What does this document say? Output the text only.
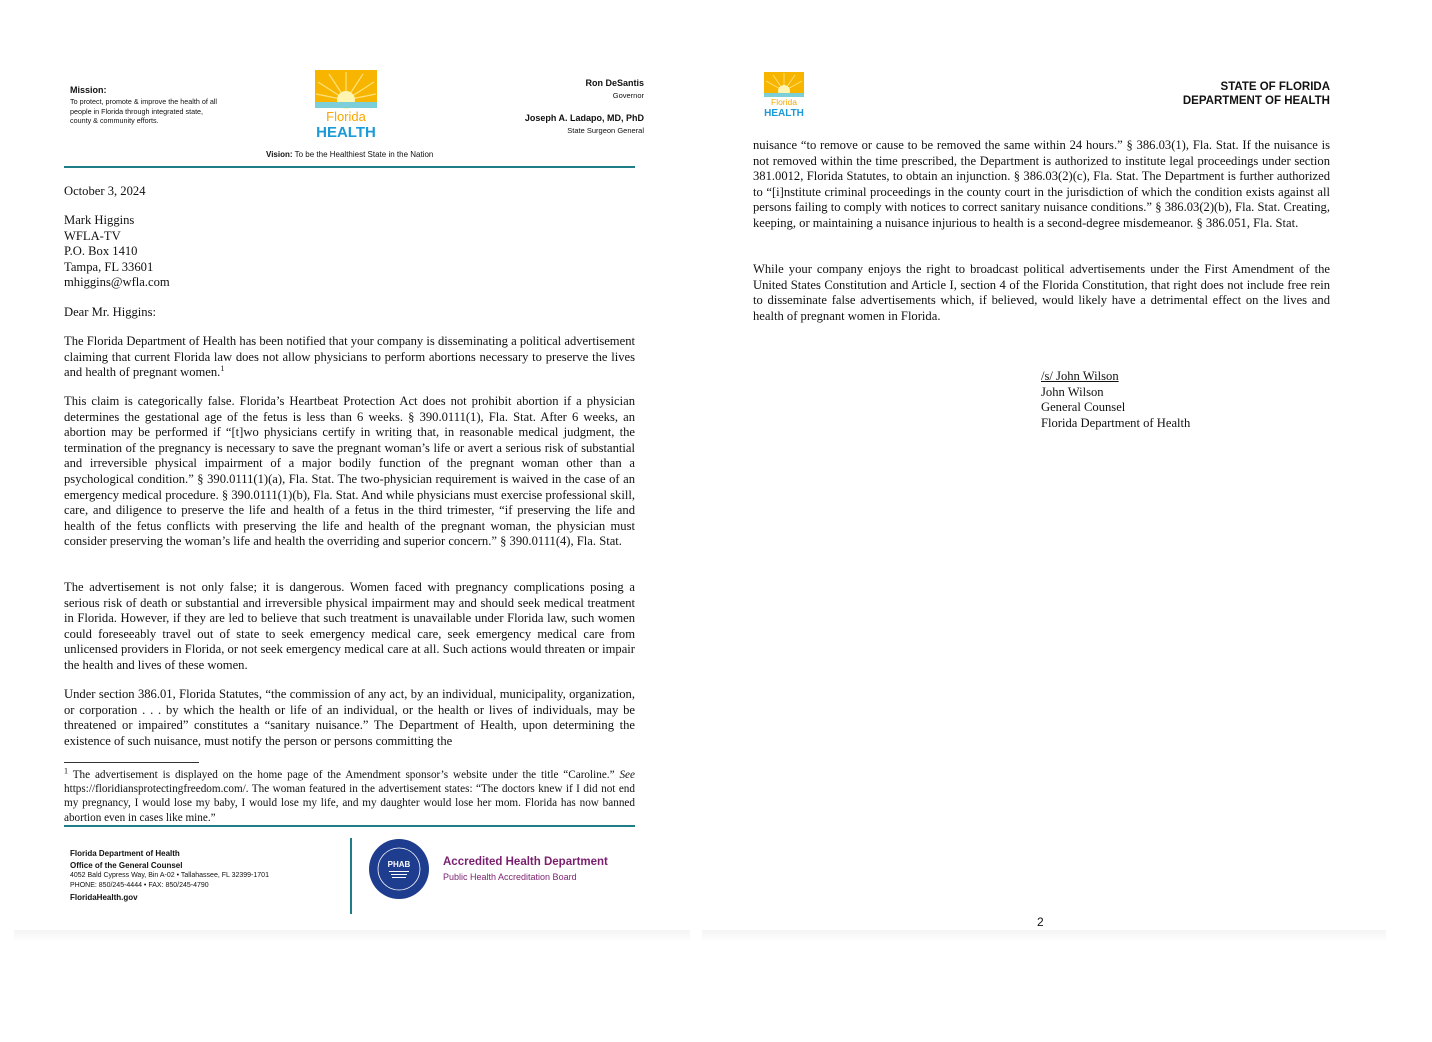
Mission:
To protect, promote & improve the health of all people in Florida through integrated state, county & community efforts.	Florida
HEALTH
Ron DeSantis
Governor
Joseph A. Ladapo, MD, PhD
State Surgeon General
Vision: To be the Healthiest State in the Nation
October 3, 2024
Mark Higgins
WFLA-TV
P.O. Box 1410
Tampa, FL 33601
mhiggins@wfla.com
Dear Mr. Higgins:

The Florida Department of Health has been notified that your company is disseminating a political advertisement claiming that current Florida law does not allow physicians to perform abortions necessary to preserve the lives and health of pregnant women.$^1$

This claim is categorically false. Florida’s Heartbeat Protection Act does not prohibit abortion if a physician determines the gestational age of the fetus is less than 6 weeks. § 390.0111(1), Fla. Stat. After 6 weeks, an abortion may be performed if “[t]wo physicians certify in writing that, in reasonable medical judgment, the termination of the pregnancy is necessary to save the pregnant woman’s life or avert a serious risk of substantial and irreversible physical impairment of a major bodily function of the pregnant woman other than a psychological condition.” § 390.0111(1)(a), Fla. Stat. The two-physician requirement is waived in the case of an emergency medical procedure. § 390.0111(1)(b), Fla. Stat. And while physicians must exercise professional skill, care, and diligence to preserve the life and health of a fetus in the third trimester, “if preserving the life and health of the fetus conflicts with preserving the life and health of the pregnant woman, the physician must consider preserving the woman’s life and health the overriding and superior concern.” § 390.0111(4), Fla. Stat.

The advertisement is not only false; it is dangerous. Women faced with pregnancy complications posing a serious risk of death or substantial and irreversible physical impairment may and should seek medical treatment in Florida. However, if they are led to believe that such treatment is unavailable under Florida law, such women could foreseeably travel out of state to seek emergency medical care, seek emergency medical care from unlicensed providers in Florida, or not seek emergency medical care at all. Such actions would threaten or impair the health and lives of these women.

Under section 386.01, Florida Statutes, “the commission of any act, by an individual, municipality, organization, or corporation . . . by which the health or life of an individual, or the health or lives of individuals, may be threatened or impaired” constitutes a “sanitary nuisance.” The Department of Health, upon determining the existence of such nuisance, must notify the person or persons committing the

$^1$ The advertisement is displayed on the home page of the Amendment sponsor’s website under the title “Caroline.” See https://floridiansprotectingfreedom.com/. The woman featured in the advertisement states: “The doctors knew if I did not end my pregnancy, I would lose my baby, I would lose my life, and my daughter would lose her mom. Florida has now banned abortion even in cases like mine.”
Florida Department of Health
Office of the General Counsel
4052 Bald Cypress Way, Bin A-02 • Tallahassee, FL 32399-1701
PHONE: 850/245-4444 • FAX: 850/245-4790
FloridaHealth.gov
PHAB	Accredited Health Department
Public Health Accreditation Board
Florida
HEALTH
STATE OF FLORIDA
DEPARTMENT OF HEALTH

nuisance “to remove or cause to be removed the same within 24 hours.” § 386.03(1), Fla. Stat. If the nuisance is not removed within the time prescribed, the Department is authorized to institute legal proceedings under section 381.0012, Florida Statutes, to obtain an injunction. § 386.03(2)(c), Fla. Stat. The Department is further authorized to “[i]nstitute criminal proceedings in the county court in the jurisdiction of which the condition exists against all persons failing to comply with notices to correct sanitary nuisance conditions.” § 386.03(2)(b), Fla. Stat. Creating, keeping, or maintaining a nuisance injurious to health is a second-degree misdemeanor. § 386.051, Fla. Stat.

While your company enjoys the right to broadcast political advertisements under the First Amendment of the United States Constitution and Article I, section 4 of the Florida Constitution, that right does not include free rein to disseminate false advertisements which, if believed, would likely have a detrimental effect on the lives and health of pregnant women in Florida.

/s/ John Wilson
John Wilson
General Counsel
Florida Department of Health
2
